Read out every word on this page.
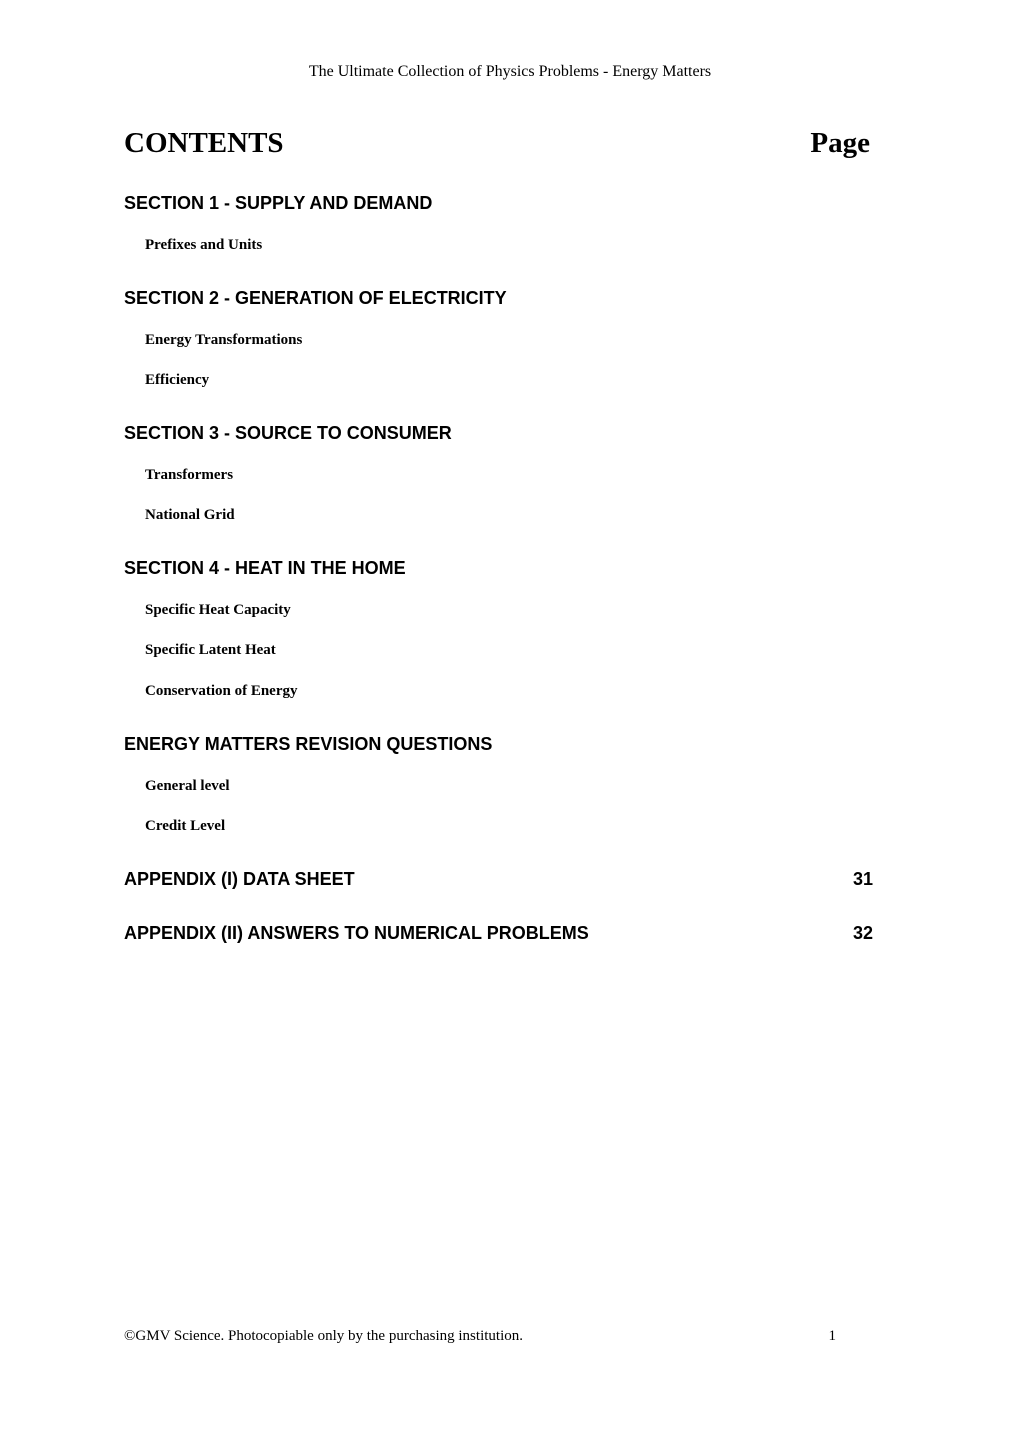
The Ultimate Collection of Physics Problems - Energy Matters
CONTENTS	Page
SECTION 1 - SUPPLY AND DEMAND
Prefixes and Units
SECTION 2 - GENERATION OF ELECTRICITY
Energy Transformations
Efficiency
SECTION 3 - SOURCE TO CONSUMER
Transformers
National Grid
SECTION 4 - HEAT IN THE HOME
Specific Heat Capacity
Specific Latent Heat
Conservation of Energy
ENERGY MATTERS REVISION QUESTIONS
General level
Credit Level
APPENDIX (I) DATA SHEET	31
APPENDIX (II) ANSWERS TO NUMERICAL PROBLEMS	32
©GMV Science. Photocopiable only by the purchasing institution.	1
